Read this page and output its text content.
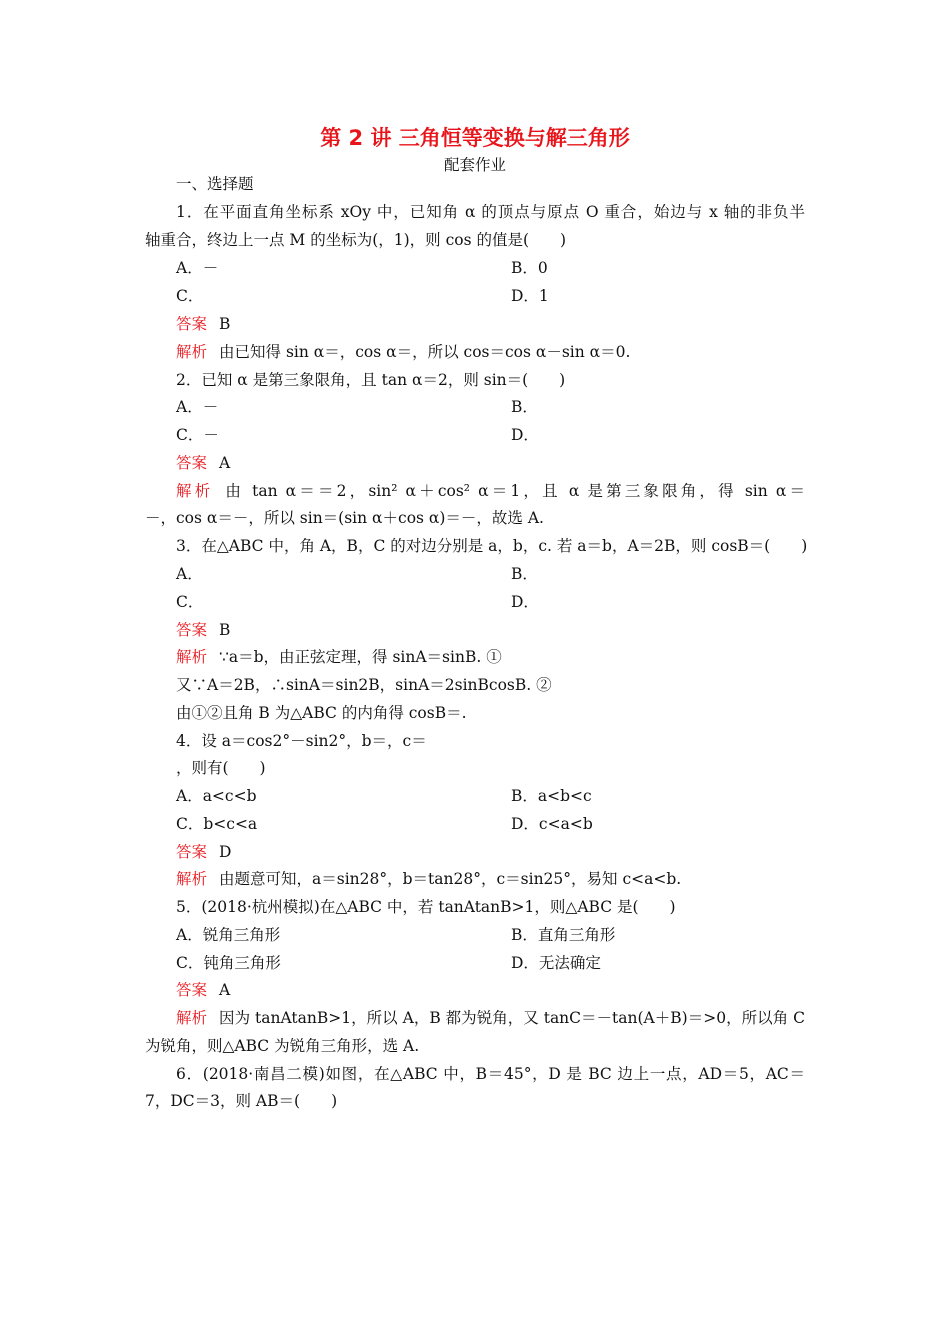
第 2 讲 三角恒等变换与解三角形
配套作业
一、选择题
1．在平面直角坐标系 xOy 中，已知角 α 的顶点与原点 O 重合，始边与 x 轴的非负半
轴重合，终边上一点 M 的坐标为(，1)，则 cos 的值是(　　)
A．－	B．0
C．	D．1
答案 B
解析 由已知得 sin α＝，cos α＝，所以 cos＝cos α－sin α＝0.
2．已知 α 是第三象限角，且 tan α＝2，则 sin＝(　　)
A．－	B．
C．－	D．
答案 A
解析 由 tan α＝＝2，sin² α＋cos² α＝1，且 α 是第三象限角，得 sin α＝
－，cos α＝－，所以 sin＝(sin α＋cos α)＝－，故选 A.
3．在△ABC 中，角 A，B，C 的对边分别是 a，b，c. 若 a＝b，A＝2B，则 cosB＝(　　)
A．	B．
C．	D．
答案 B
解析 ∵a＝b，由正弦定理，得 sinA＝sinB. ①
又∵A＝2B，∴sinA＝sin2B，sinA＝2sinBcosB. ②
由①②且角 B 为△ABC 的内角得 cosB＝.
4．设 a＝cos2°－sin2°，b＝，c＝
，则有(　　)
A．a<c<b	B．a<b<c
C．b<c<a	D．c<a<b
答案 D
解析 由题意可知，a＝sin28°，b＝tan28°，c＝sin25°，易知 c<a<b.
5．(2018·杭州模拟)在△ABC 中，若 tanAtanB>1，则△ABC 是(　　)
A．锐角三角形	B．直角三角形
C．钝角三角形	D．无法确定
答案 A
解析 因为 tanAtanB>1，所以 A，B 都为锐角，又 tanC＝－tan(A＋B)＝>0，所以角 C
为锐角，则△ABC 为锐角三角形，选 A.
6．(2018·南昌二模)如图，在△ABC 中，B＝45°，D 是 BC 边上一点，AD＝5，AC＝
7，DC＝3，则 AB＝(　　)
